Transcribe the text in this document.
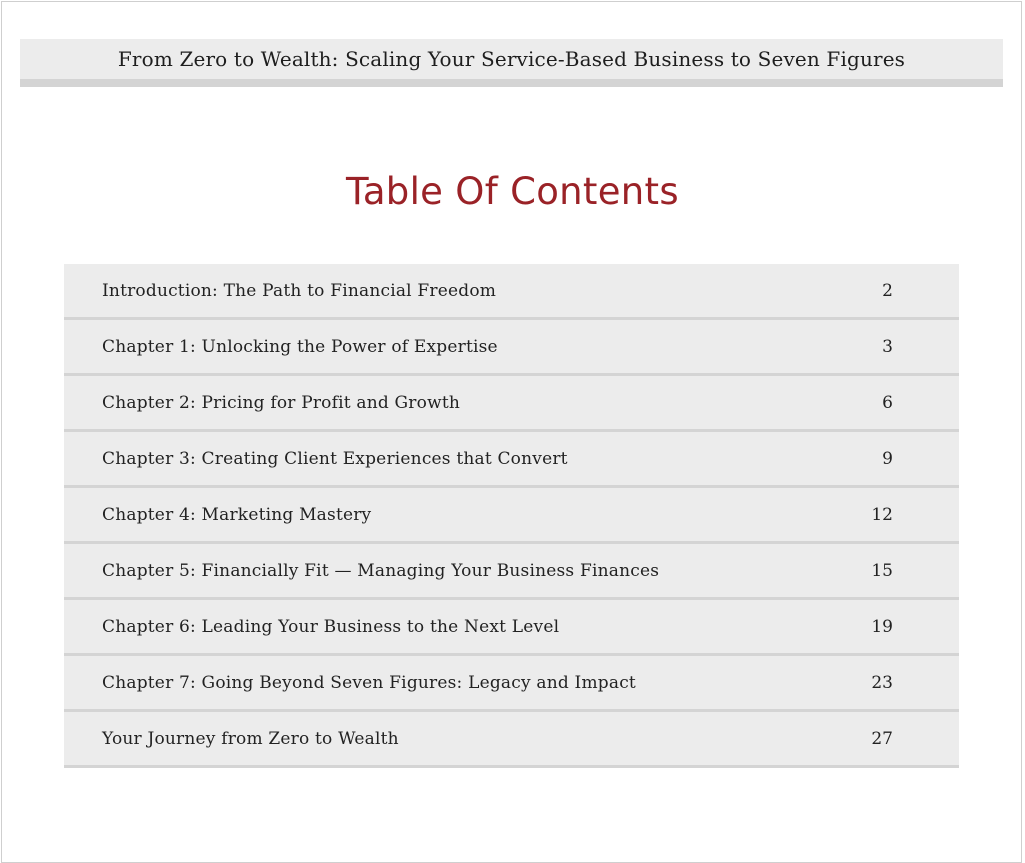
From Zero to Wealth: Scaling Your Service-Based Business to Seven Figures
Table Of Contents
Introduction: The Path to Financial Freedom	2
Chapter 1: Unlocking the Power of Expertise	3
Chapter 2: Pricing for Profit and Growth	6
Chapter 3: Creating Client Experiences that Convert	9
Chapter 4: Marketing Mastery	12
Chapter 5: Financially Fit — Managing Your Business Finances	15
Chapter 6: Leading Your Business to the Next Level	19
Chapter 7: Going Beyond Seven Figures: Legacy and Impact	23
Your Journey from Zero to Wealth	27
